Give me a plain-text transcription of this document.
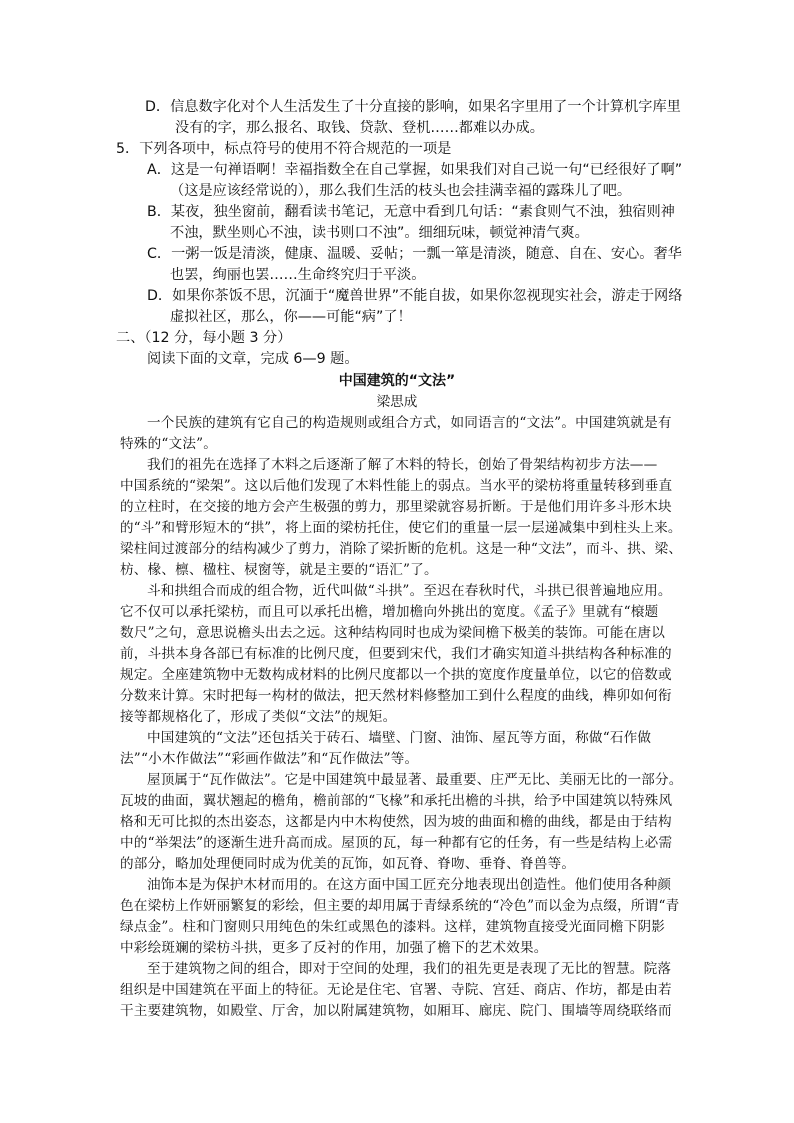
D．信息数字化对个人生活发生了十分直接的影响，如果名字里用了一个计算机字库里
没有的字，那么报名、取钱、贷款、登机……都难以办成。
5．下列各项中，标点符号的使用不符合规范的一项是
A．这是一句禅语啊！幸福指数全在自己掌握，如果我们对自己说一句“已经很好了啊”
（这是应该经常说的），那么我们生活的枝头也会挂满幸福的露珠儿了吧。
B．某夜，独坐窗前，翻看读书笔记，无意中看到几句话：“素食则气不浊，独宿则神
不浊，默坐则心不浊，读书则口不浊”。细细玩味，顿觉神清气爽。
C．一粥一饭是清淡，健康、温暖、妥帖；一瓢一箪是清淡，随意、自在、安心。奢华
也罢，绚丽也罢……生命终究归于平淡。
D．如果你茶饭不思，沉湎于“魔兽世界”不能自拔，如果你忽视现实社会，游走于网络
虚拟社区，那么，你——可能“病”了！
二、（12 分，每小题 3 分）
阅读下面的文章，完成 6—9 题。
中国建筑的“文法”
梁思成
一个民族的建筑有它自己的构造规则或组合方式，如同语言的“文法”。中国建筑就是有
特殊的“文法”。
我们的祖先在选择了木料之后逐渐了解了木料的特长，创始了骨架结构初步方法——
中国系统的“梁架”。这以后他们发现了木料性能上的弱点。当水平的梁枋将重量转移到垂直
的立柱时，在交接的地方会产生极强的剪力，那里梁就容易折断。于是他们用许多斗形木块
的“斗”和臂形短木的“拱”，将上面的梁枋托住，使它们的重量一层一层递减集中到柱头上来。
梁柱间过渡部分的结构减少了剪力，消除了梁折断的危机。这是一种“文法”，而斗、拱、梁、
枋、椽、檩、楹柱、棂窗等，就是主要的“语汇”了。
斗和拱组合而成的组合物，近代叫做“斗拱”。至迟在春秋时代，斗拱已很普遍地应用。
它不仅可以承托梁枋，而且可以承托出檐，增加檐向外挑出的宽度。《孟子》里就有“榱题
数尺”之句，意思说檐头出去之远。这种结构同时也成为梁间檐下极美的装饰。可能在唐以
前，斗拱本身各部已有标准的比例尺度，但要到宋代，我们才确实知道斗拱结构各种标准的
规定。全座建筑物中无数构成材料的比例尺度都以一个拱的宽度作度量单位，以它的倍数或
分数来计算。宋时把每一构材的做法，把天然材料修整加工到什么程度的曲线，榫卯如何衔
接等都规格化了，形成了类似“文法”的规矩。
中国建筑的“文法”还包括关于砖石、墙壁、门窗、油饰、屋瓦等方面，称做“石作做
法”“小木作做法”“彩画作做法”和“瓦作做法”等。
屋顶属于“瓦作做法”。它是中国建筑中最显著、最重要、庄严无比、美丽无比的一部分。
瓦坡的曲面，翼状翘起的檐角，檐前部的“飞椽”和承托出檐的斗拱，给予中国建筑以特殊风
格和无可比拟的杰出姿态，这都是内中木构使然，因为坡的曲面和檐的曲线，都是由于结构
中的“举架法”的逐渐生进升高而成。屋顶的瓦，每一种都有它的任务，有一些是结构上必需
的部分，略加处理便同时成为优美的瓦饰，如瓦脊、脊吻、垂脊、脊兽等。
油饰本是为保护木材而用的。在这方面中国工匠充分地表现出创造性。他们使用各种颜
色在梁枋上作妍丽繁复的彩绘，但主要的却用属于青绿系统的“冷色”而以金为点缀，所谓“青
绿点金”。柱和门窗则只用纯色的朱红或黑色的漆料。这样，建筑物直接受光面同檐下阴影
中彩绘斑斓的梁枋斗拱，更多了反衬的作用，加强了檐下的艺术效果。
至于建筑物之间的组合，即对于空间的处理，我们的祖先更是表现了无比的智慧。院落
组织是中国建筑在平面上的特征。无论是住宅、官署、寺院、宫廷、商店、作坊，都是由若
干主要建筑物，如殿堂、厅舍，加以附属建筑物，如厢耳、廊庑、院门、围墙等周绕联络而
